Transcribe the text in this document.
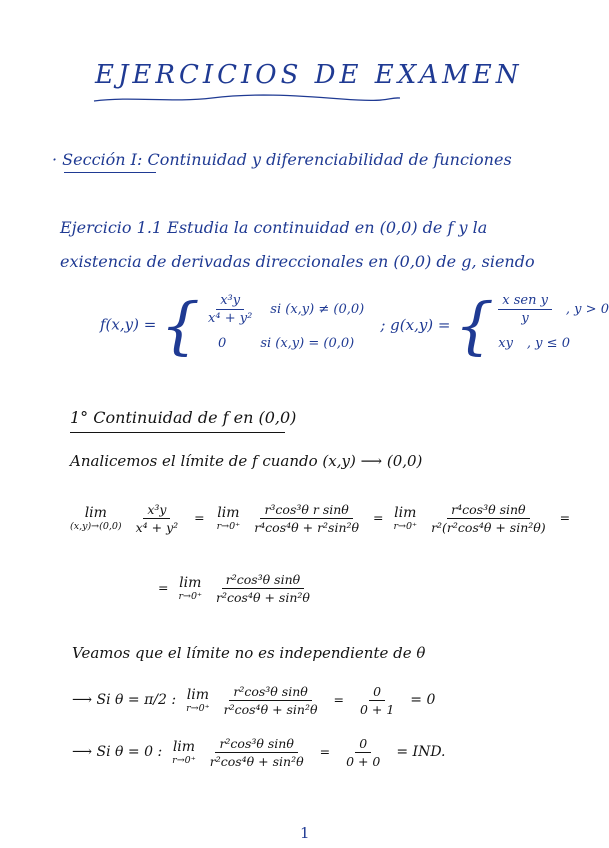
EJERCICIOS DE EXAMEN
· Sección I: Continuidad y diferenciabilidad de funciones
Ejercicio 1.1 Estudia la continuidad en (0,0) de f y la
existencia de derivadas direccionales en (0,0) de g, siendo
f(x,y) = { $\frac{\text{x³y}}{\text{x⁴ + y²}}$ si (x,y) ≠ (0,0)
0	si (x,y) = (0,0)
; g(x,y) = { $\frac{\text{x sen y}}{y}$ , y > 0
xy , y ≤ 0
1° Continuidad de f en (0,0)
Analicemos el límite de f cuando (x,y) ⟶ (0,0)
lim
(x,y)→(0,0)
$\frac{\text{x³y}}{\text{x⁴ + y²}} = \lim$
r→0⁺
$\frac{\text{r³cos³θ r sinθ}}{\text{r⁴cos⁴θ + r²sin²θ}} = \lim$
r→0⁺
$\frac{\text{r⁴cos³θ sinθ}}{\text{r²(r²cos⁴θ + sin²θ)}}$ =
= lim
r→0⁺
$\frac{\text{r²cos³θ sinθ}}{\text{r²cos⁴θ + sin²θ}}$
Veamos que el límite no es independiente de θ
⟶ Si θ = π/2 : lim
r→0⁺
$\frac{\text{r²cos³θ sinθ}}{\text{r²cos⁴θ + sin²θ}} = \frac{0}{0 + 1} = 0$
⟶ Si θ = 0 : lim
r→0⁺
$\frac{\text{r²cos³θ sinθ}}{\text{r²cos⁴θ + sin²θ}} = \frac{0}{0 + 0}$ = IND.
1
